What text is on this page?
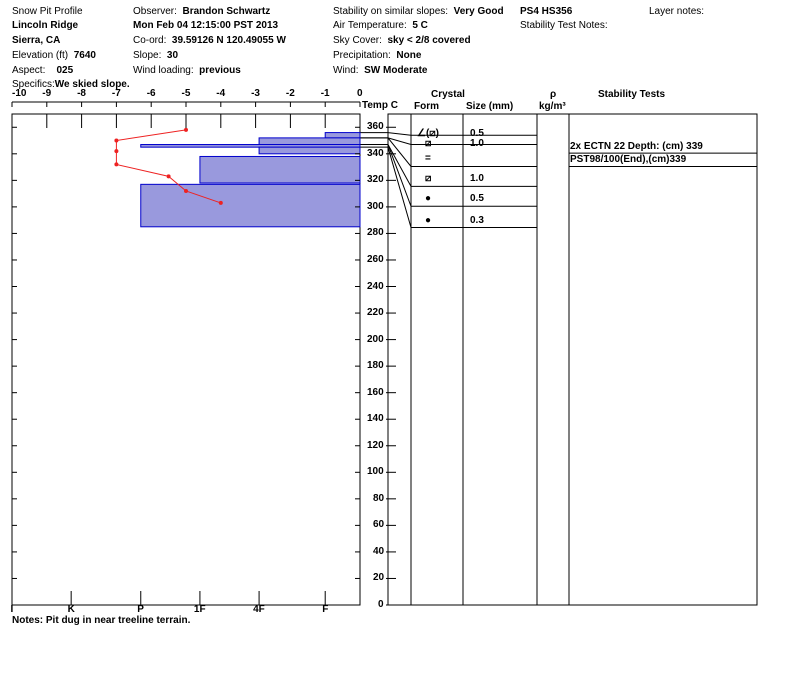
Snow Pit Profile
Lincoln Ridge
Sierra, CA
Elevation (ft) 7640
Aspect: 025
Specifics:We skied slope.
Observer: Brandon Schwartz
Mon Feb 04 12:15:00 PST 2013
Co-ord: 39.59126 N 120.49055 W
Slope: 30
Wind loading: previous
Stability on similar slopes: Very Good
Air Temperature: 5 C
Sky Cover: sky < 2/8 covered
Precipitation: None
Wind: SW Moderate
PS4 HS356
Stability Test Notes:
Layer notes:
Temp C
Crystal
Form	Size (mm)
ρ
kg/m³
Stability Tests
-10 -9	-8	-7	-6	-5	-4	-3	-2	-1	0
I	K	P	1F	4F	F	0
20
40
60
80
100
120
140
160
180
200
220
240
260
280
300
320
340
360
∠(⧄)	0.5
⧄	1.0
=
⧄	1.0
●	0.5
●	0.3
2x ECTN 22 Depth: (cm) 339
PST98/100(End),(cm)339
Notes: Pit dug in near treeline terrain.
